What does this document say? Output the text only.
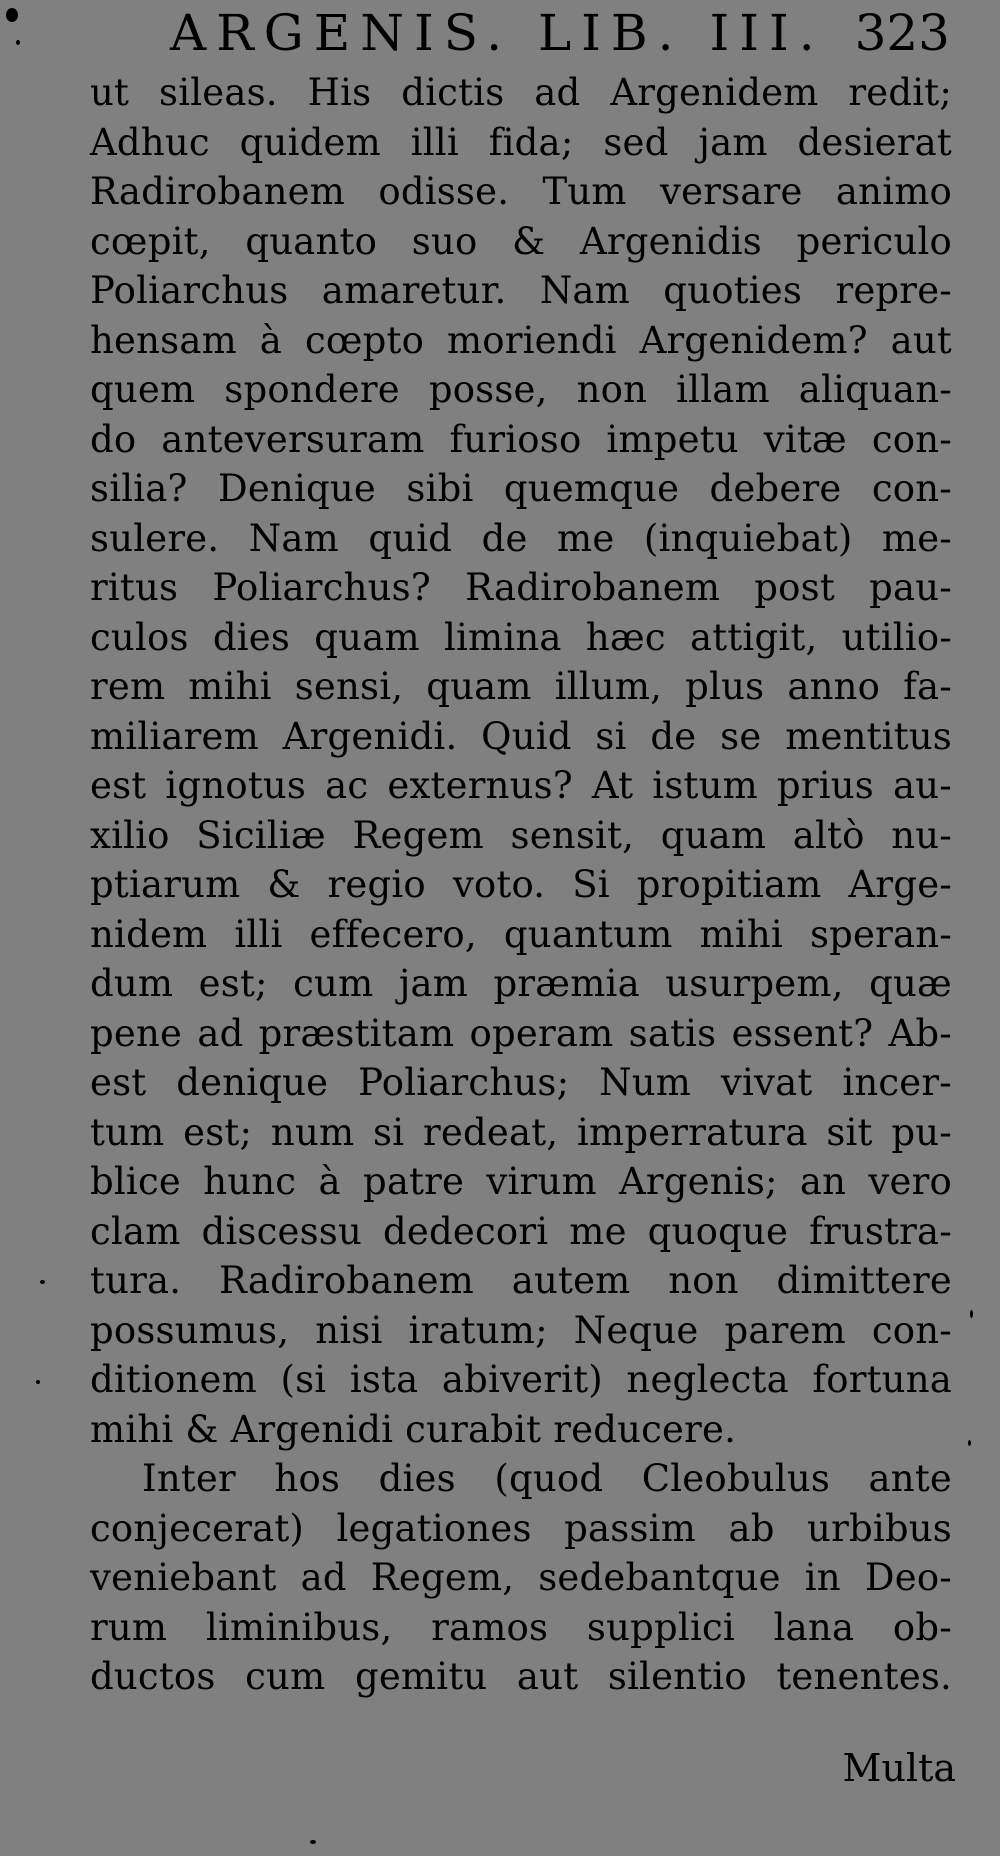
ARGENIS. LIB. III. 323
ut sileas. His dictis ad Argenidem redit;
Adhuc quidem illi fida; sed jam desierat
Radirobanem odisse. Tum versare animo
cœpit, quanto suo & Argenidis periculo
Poliarchus amaretur. Nam quoties repre-
hensam à cœpto moriendi Argenidem? aut
quem spondere posse, non illam aliquan-
do anteversuram furioso impetu vitæ con-
silia? Denique sibi quemque debere con-
sulere. Nam quid de me (inquiebat) me-
ritus Poliarchus? Radirobanem post pau-
culos dies quam limina hæc attigit, utilio-
rem mihi sensi, quam illum, plus anno fa-
miliarem Argenidi. Quid si de se mentitus
est ignotus ac externus? At istum prius au-
xilio Siciliæ Regem sensit, quam altò nu-
ptiarum & regio voto. Si propitiam Arge-
nidem illi effecero, quantum mihi speran-
dum est; cum jam præmia usurpem, quæ
pene ad præstitam operam satis essent? Ab-
est denique Poliarchus; Num vivat incer-
tum est; num si redeat, imperratura sit pu-
blice hunc à patre virum Argenis; an vero
clam discessu dedecori me quoque frustra-
tura. Radirobanem autem non dimittere
possumus, nisi iratum; Neque parem con-
ditionem (si ista abiverit) neglecta fortuna
mihi & Argenidi curabit reducere.
Inter hos dies (quod Cleobulus ante
conjecerat) legationes passim ab urbibus
veniebant ad Regem, sedebantque in Deo-
rum liminibus, ramos supplici lana ob-
ductos cum gemitu aut silentio tenentes.
Multa
